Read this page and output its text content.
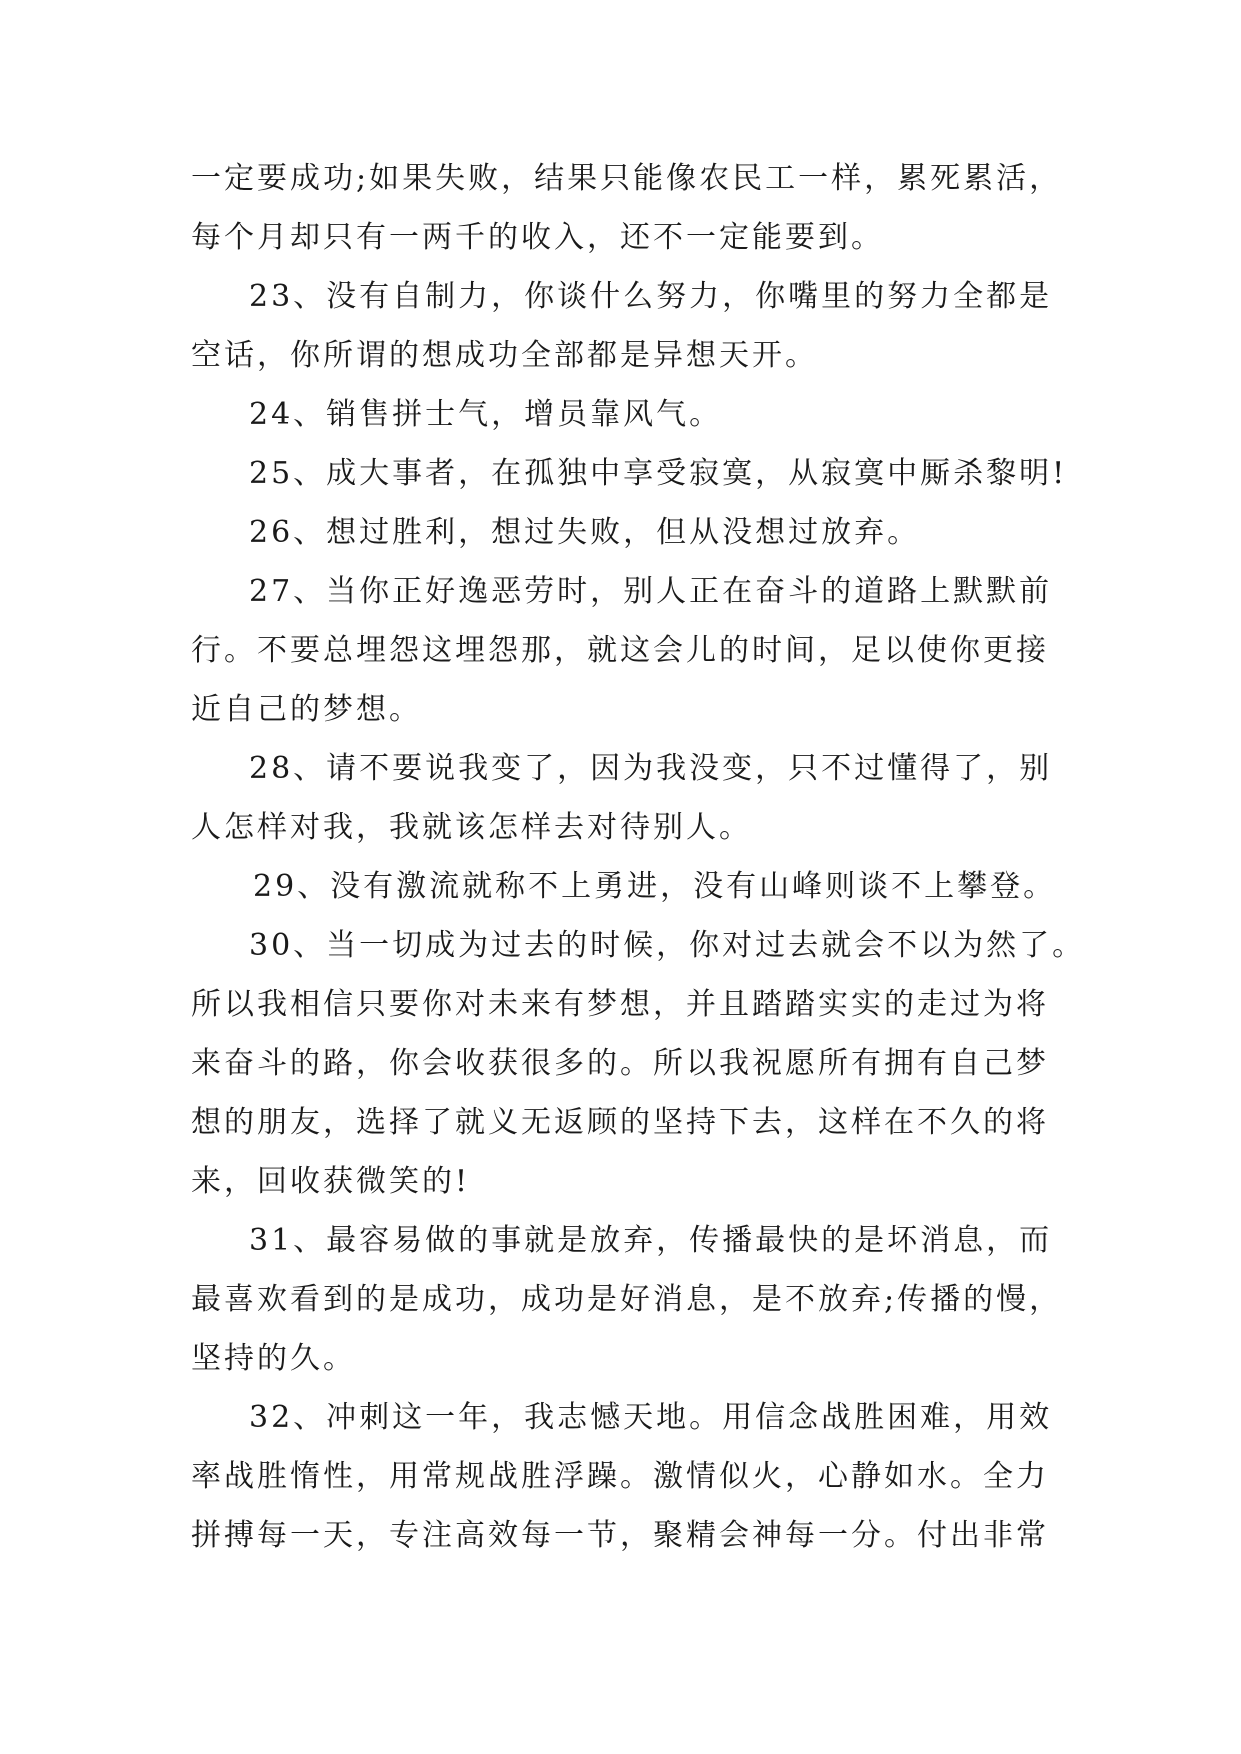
一定要成功;如果失败，结果只能像农民工一样，累死累活，
每个月却只有一两千的收入，还不一定能要到。
23、没有自制力，你谈什么努力，你嘴里的努力全都是
空话，你所谓的想成功全部都是异想天开。
24、销售拼士气，增员靠风气。
25、成大事者，在孤独中享受寂寞，从寂寞中厮杀黎明!
26、想过胜利，想过失败，但从没想过放弃。
27、当你正好逸恶劳时，别人正在奋斗的道路上默默前
行。不要总埋怨这埋怨那，就这会儿的时间，足以使你更接
近自己的梦想。
28、请不要说我变了，因为我没变，只不过懂得了，别
人怎样对我，我就该怎样去对待别人。
29、没有激流就称不上勇进，没有山峰则谈不上攀登。
30、当一切成为过去的时候，你对过去就会不以为然了。
所以我相信只要你对未来有梦想，并且踏踏实实的走过为将
来奋斗的路，你会收获很多的。所以我祝愿所有拥有自己梦
想的朋友，选择了就义无返顾的坚持下去，这样在不久的将
来，回收获微笑的!
31、最容易做的事就是放弃，传播最快的是坏消息，而
最喜欢看到的是成功，成功是好消息，是不放弃;传播的慢，
坚持的久。
32、冲刺这一年，我志憾天地。用信念战胜困难，用效
率战胜惰性，用常规战胜浮躁。激情似火，心静如水。全力
拼搏每一天，专注高效每一节，聚精会神每一分。付出非常
